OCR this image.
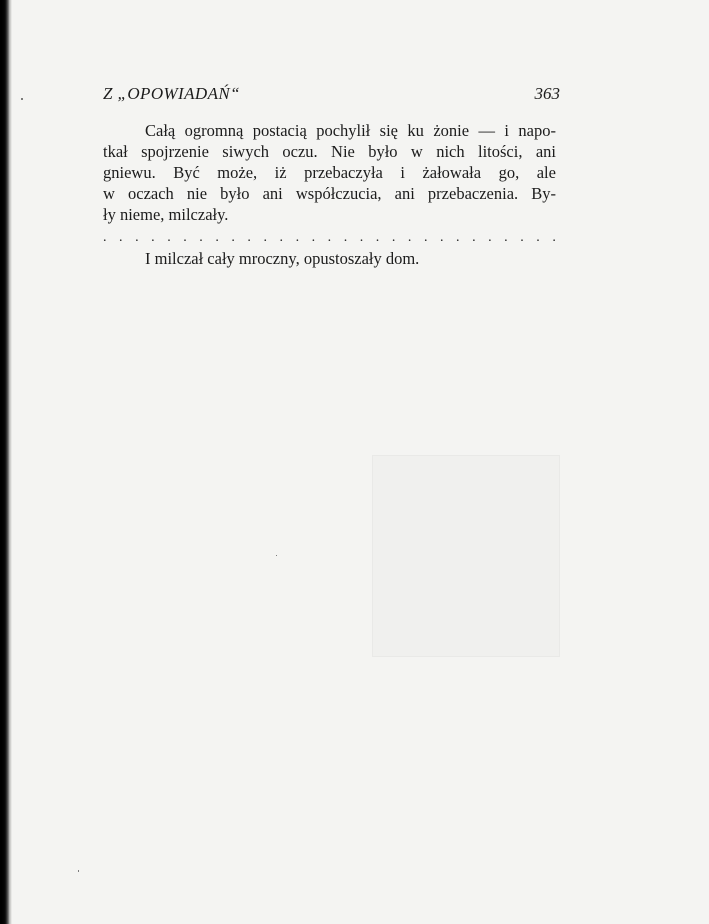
Z „OPOWIADAŃ“	363
Całą ogromną postacią pochylił się ku żonie — i napo-
tkał spojrzenie siwych oczu. Nie było w nich litości, ani
gniewu. Być może, iż przebaczyła i żałowała go, ale
w oczach nie było ani współczucia, ani przebaczenia. By-
ły
nieme,
milczały.
. . . . . . . . . . . . . . . . . . . . . . . . . . . . .
I milczał cały mroczny, opustoszały dom.
